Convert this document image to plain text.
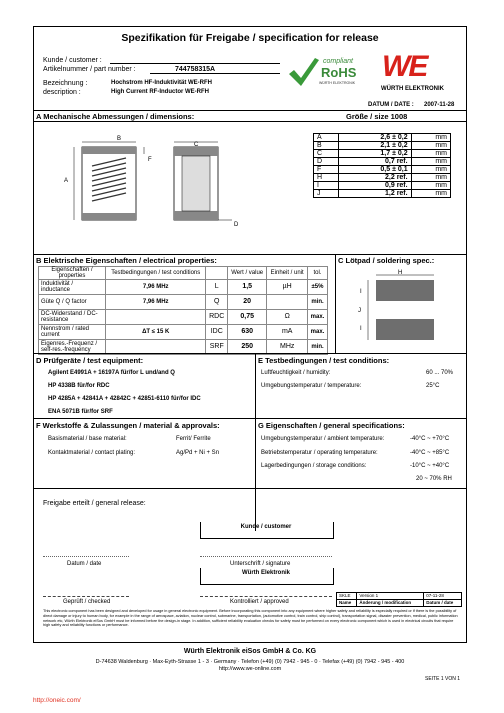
Spezifikation für Freigabe / specification for release
Kunde / customer :
Artikelnummer / part number :	744758315A
Bezeichnung :	Hochstrom HF-Induktivität WE-RFH
description :	High Current RF-Inductor WE-RFH
compliant
RoHS
WÜRTH ELEKTRONIK WE
WÜRTH ELEKTRONIK
DATUM / DATE : 2007-11-28
A Mechanische Abmessungen / dimensions:	Größe / size 1008
B
A
F
C
D
A	2,6 ± 0,2	mm
B	2,1 ± 0,2	mm
C	1,7 ± 0,2	mm
D	0,7 ref.	mm
F	0,5 ± 0,1	mm
H	2,2 ref.	mm
I	0,9 ref.	mm
J	1,2 ref.	mm
B Elektrische Eigenschaften / electrical properties:
Eigenschaften / properties	Testbedingungen / test conditions		Wert / value	Einheit / unit	tol.
Induktivität / inductance	7,96 MHz	L	1,5	µH	±5%
Güte Q / Q factor	7,96 MHz	Q	20		min.
DC-Widerstand / DC-resistance		RDC	0,75	Ω	max.
Nennstrom / rated current	ΔT ≤ 15 K	IDC	630	mA	max.
Eigenres.-Frequenz / self-res.-frequency		SRF	250	MHz	min.
C Lötpad / soldering spec.:
H
I
J
I
D Prüfgeräte / test equipment:
Agilent E4991A + 16197A für/for L und/and Q
HP 4338B für/for RDC
HP 4285A + 42841A + 42842C + 42851-6110 für/for IDC
ENA 5071B für/for SRF
E Testbedingungen / test conditions:
Luftfeuchtigkeit / humidity:	60 ... 70%
Umgebungstemperatur / temperature:	25°C
F Werkstoffe & Zulassungen / material & approvals:
Basismaterial / base material:	Ferrit/ Ferrite
Kontaktmaterial / contact plating:	Ag/Pd + Ni + Sn
G Eigenschaften / general specifications:
Umgebungstemperatur / ambient temperature:	-40°C ~ +70°C
Betriebstemperatur / operating temperature:	-40°C ~ +85°C
Lagerbedingungen / storage conditions:	-10°C ~ +40°C
20 ~ 70% RH
Freigabe erteilt / general release:
Kunde / customer
Datum / date	Unterschrift / signature
Würth Elektronik
Geprüft / checked	Kontrolliert / approved
SKLE	Version 1	07-11-28
Name	Änderung / modification	Datum / date
This electronic component has been designed and developed for usage in general electronic equipment. Before incorporating this component into any equipment where higher safety and reliability is especially required or if there is the possibility of direct damage or injury to human body, for example in the range of aerospace, aviation, nuclear control, submarine, transportation, (automotive control, train control, ship control), transportation signal, disaster prevention, medical, public information network etc, Würth Elektronik eiSos GmbH must be informed before the design-in stage. In addition, sufficient reliability evaluation checks for safety must be performed on every electronic component which is used in electrical circuits that require high safety and reliability functions or performance.
Würth Elektronik eiSos GmbH & Co. KG
D-74638 Waldenburg · Max-Eyth-Strasse 1 - 3 · Germany · Telefon (+49) (0) 7942 - 945 - 0 · Telefax (+49) (0) 7942 - 945 - 400
http://www.we-online.com
SEITE 1 VON 1
http://oneic.com/
